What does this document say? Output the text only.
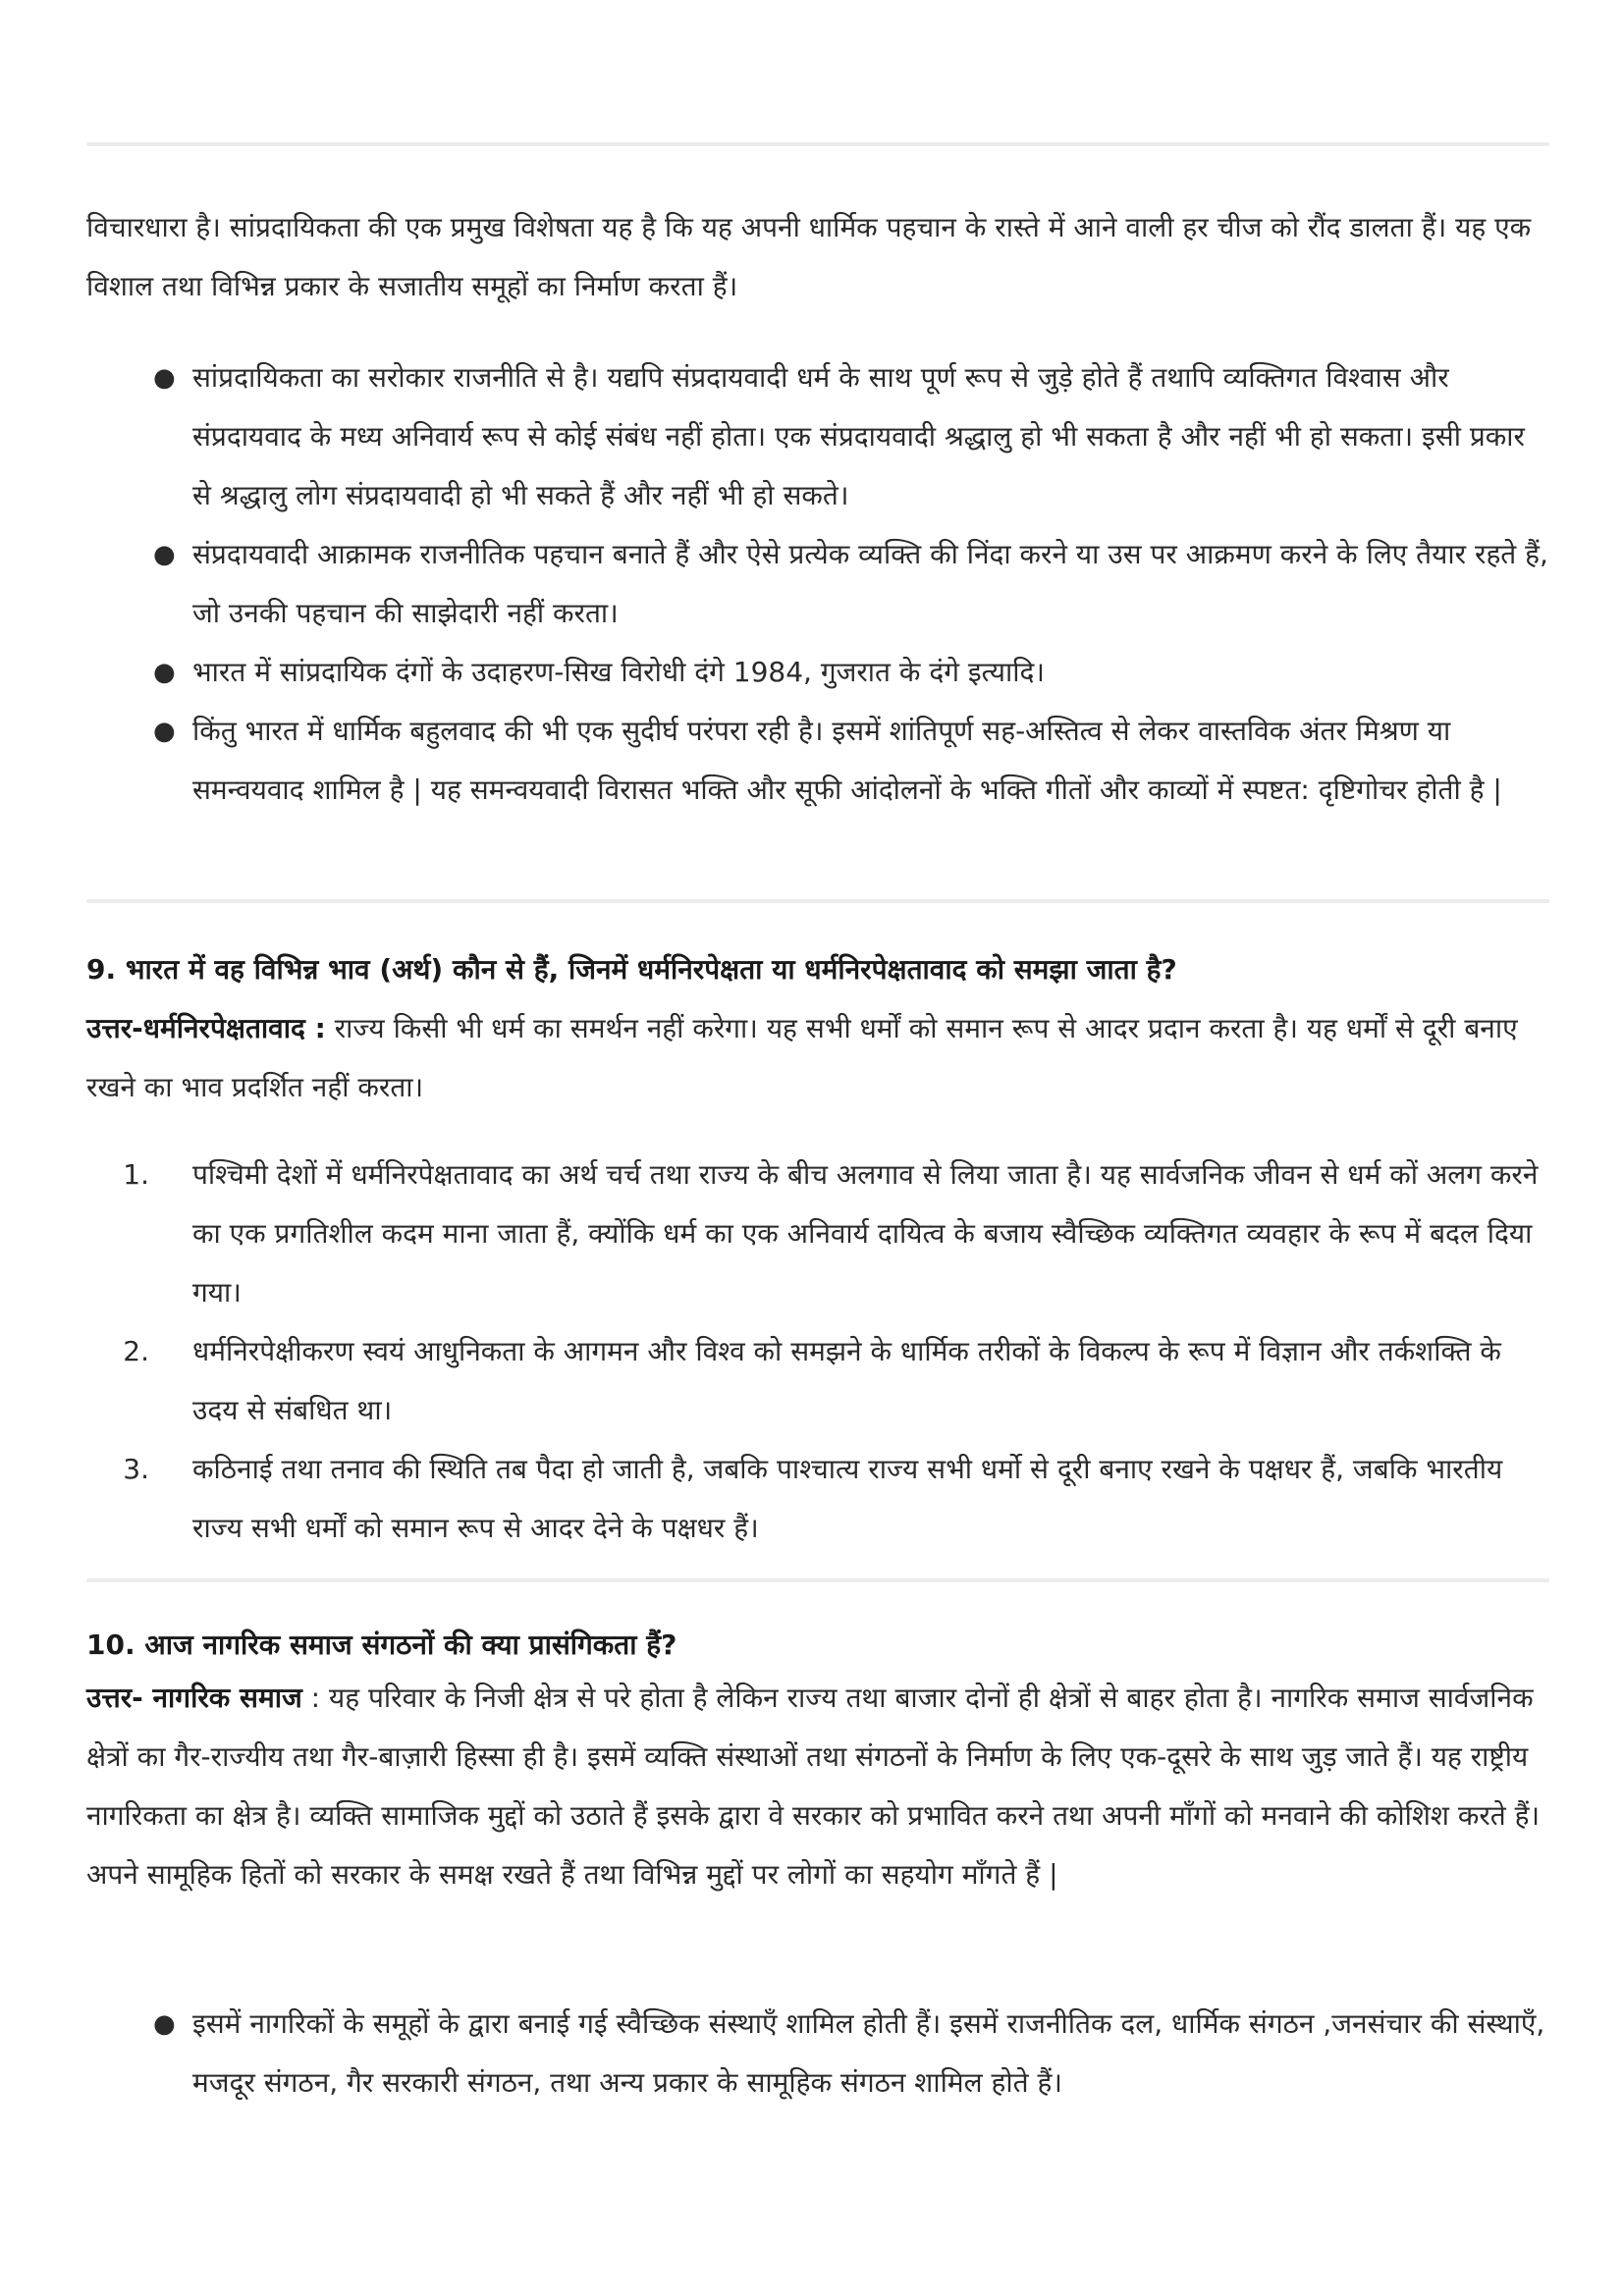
विचारधारा है। सांप्रदायिकता की एक प्रमुख विशेषता यह है कि यह अपनी धार्मिक पहचान के रास्ते में आने वाली हर चीज को रौंद डालता हैं। यह एक विशाल तथा विभिन्न प्रकार के सजातीय समूहों का निर्माण करता हैं।

● सांप्रदायिकता का सरोकार राजनीति से है। यद्यपि संप्रदायवादी धर्म के साथ पूर्ण रूप से जुड़े होते हैं तथापि व्यक्तिगत विश्वास और संप्रदायवाद के मध्य अनिवार्य रूप से कोई संबंध नहीं होता। एक संप्रदायवादी श्रद्धालु हो भी सकता है और नहीं भी हो सकता। इसी प्रकार से श्रद्धालु लोग संप्रदायवादी हो भी सकते हैं और नहीं भी हो सकते।
● संप्रदायवादी आक्रामक राजनीतिक पहचान बनाते हैं और ऐसे प्रत्येक व्यक्ति की निंदा करने या उस पर आक्रमण करने के लिए तैयार रहते हैं, जो उनकी पहचान की साझेदारी नहीं करता।
● भारत में सांप्रदायिक दंगों के उदाहरण-सिख विरोधी दंगे 1984, गुजरात के दंगे इत्यादि।
● किंतु भारत में धार्मिक बहुलवाद की भी एक सुदीर्घ परंपरा रही है। इसमें शांतिपूर्ण सह-अस्तित्व से लेकर वास्तविक अंतर मिश्रण या समन्वयवाद शामिल है | यह समन्वयवादी विरासत भक्ति और सूफी आंदोलनों के भक्ति गीतों और काव्यों में स्पष्टत: दृष्टिगोचर होती है |
9. भारत में वह विभिन्न भाव (अर्थ) कौन से हैं, जिनमें धर्मनिरपेक्षता या धर्मनिरपेक्षतावाद को समझा जाता है?

उत्तर-धर्मनिरपेक्षतावाद : राज्य किसी भी धर्म का समर्थन नहीं करेगा। यह सभी धर्मों को समान रूप से आदर प्रदान करता है। यह धर्मों से दूरी बनाए रखने का भाव प्रदर्शित नहीं करता।

1. पश्चिमी देशों में धर्मनिरपेक्षतावाद का अर्थ चर्च तथा राज्य के बीच अलगाव से लिया जाता है। यह सार्वजनिक जीवन से धर्म कों अलग करने का एक प्रगतिशील कदम माना जाता हैं, क्योंकि धर्म का एक अनिवार्य दायित्व के बजाय स्वैच्छिक व्यक्तिगत व्यवहार के रूप में बदल दिया गया।
2. धर्मनिरपेक्षीकरण स्वयं आधुनिकता के आगमन और विश्व को समझने के धार्मिक तरीकों के विकल्प के रूप में विज्ञान और तर्कशक्ति के उदय से संबधित था।
3. कठिनाई तथा तनाव की स्थिति तब पैदा हो जाती है, जबकि पाश्चात्य राज्य सभी धर्मो से दूरी बनाए रखने के पक्षधर हैं, जबकि भारतीय राज्य सभी धर्मों को समान रूप से आदर देने के पक्षधर हैं।
10. आज नागरिक समाज संगठनों की क्या प्रासंगिकता हैं?

उत्तर- नागरिक समाज : यह परिवार के निजी क्षेत्र से परे होता है लेकिन राज्य तथा बाजार दोनों ही क्षेत्रों से बाहर होता है। नागरिक समाज सार्वजनिक क्षेत्रों का गैर-राज्यीय तथा गैर-बाज़ारी हिस्सा ही है। इसमें व्यक्ति संस्थाओं तथा संगठनों के निर्माण के लिए एक-दूसरे के साथ जुड़ जाते हैं। यह राष्ट्रीय नागरिकता का क्षेत्र है। व्यक्ति सामाजिक मुद्दों को उठाते हैं इसके द्वारा वे सरकार को प्रभावित करने तथा अपनी माँगों को मनवाने की कोशिश करते हैं। अपने सामूहिक हितों को सरकार के समक्ष रखते हैं तथा विभिन्न मुद्दों पर लोगों का सहयोग माँगते हैं |

● इसमें नागरिकों के समूहों के द्वारा बनाई गई स्वैच्छिक संस्थाएँ शामिल होती हैं। इसमें राजनीतिक दल, धार्मिक संगठन ,जनसंचार की संस्थाएँ, मजदूर संगठन, गैर सरकारी संगठन, तथा अन्य प्रकार के सामूहिक संगठन शामिल होते हैं।
